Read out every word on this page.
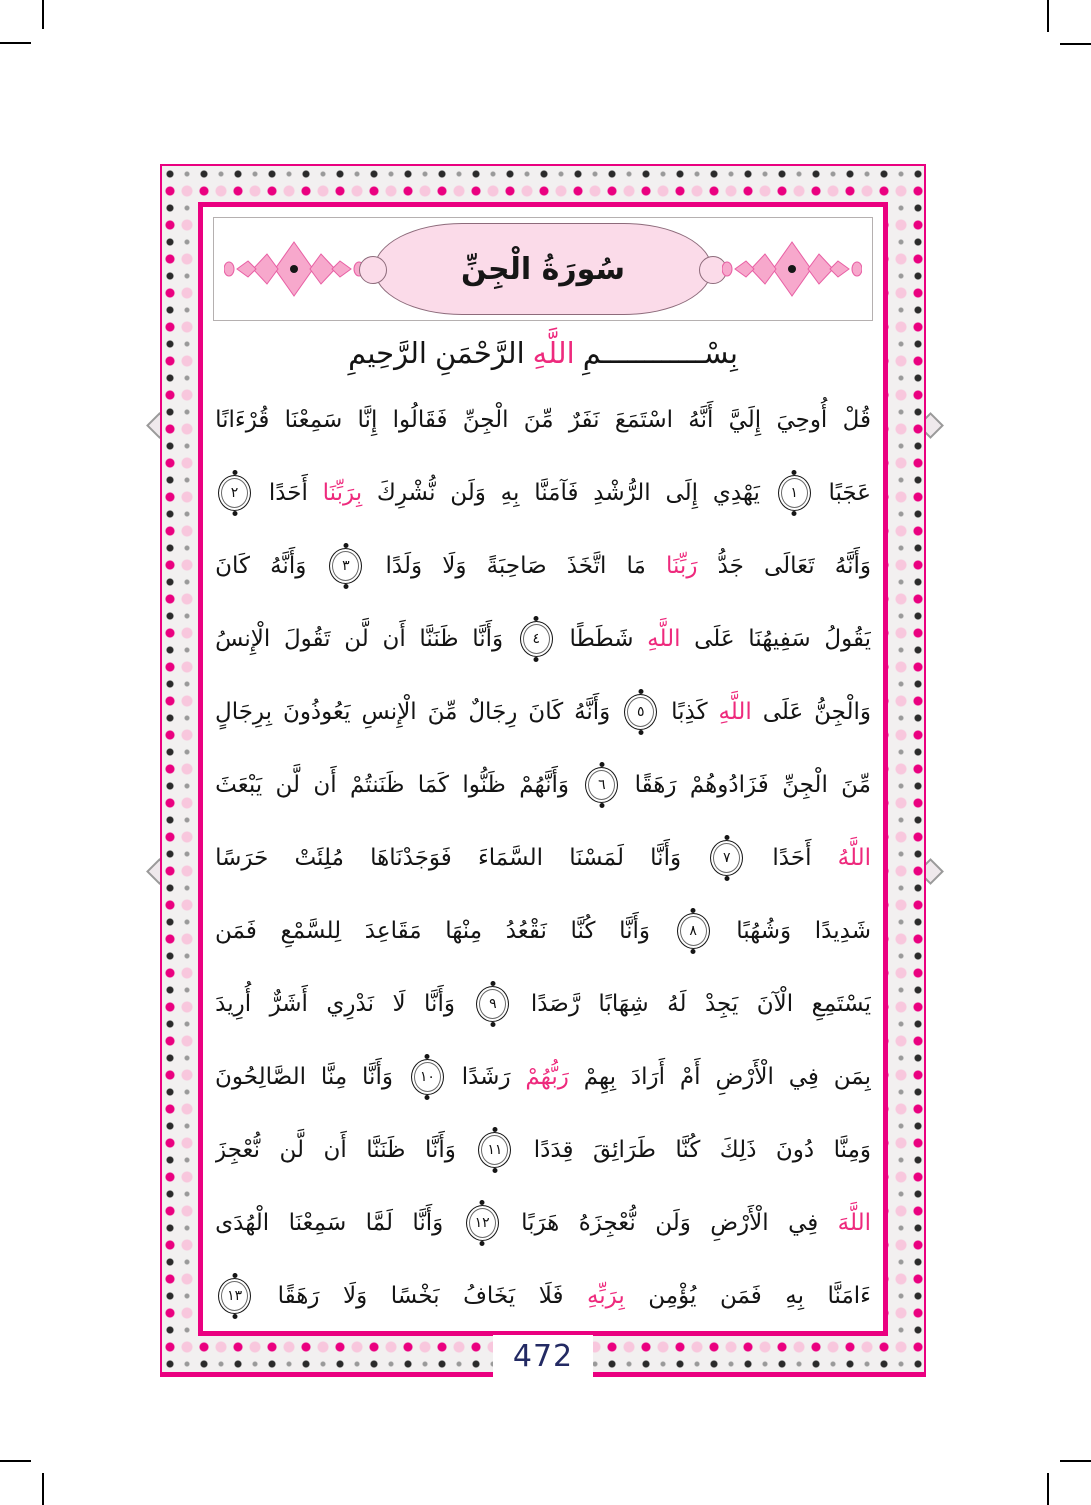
سُورَةُ الْجِنِّ
بِسْــــــــــــمِ
اللَّهِ
الرَّحْمَنِ
الرَّحِيمِ
قُلْ
أُوحِيَ
إِلَيَّ
أَنَّهُ
اسْتَمَعَ
نَفَرٌ
مِّنَ
الْجِنِّ
فَقَالُوا
إِنَّا
سَمِعْنَا
قُرْءَانًا
عَجَبًا
١
يَهْدِي
إِلَى
الرُّشْدِ
فَآمَنَّا
بِهِ
وَلَن
نُّشْرِكَ
بِرَبِّنَا
أَحَدًا
٢
وَأَنَّهُ
تَعَالَى
جَدُّ
رَبِّنَا
مَا
اتَّخَذَ
صَاحِبَةً
وَلَا
وَلَدًا
٣
وَأَنَّهُ
كَانَ
يَقُولُ
سَفِيهُنَا
عَلَى
اللَّهِ
شَطَطًا
٤
وَأَنَّا
ظَنَنَّا
أَن
لَّن
تَقُولَ
الْإِنسُ
وَالْجِنُّ
عَلَى
اللَّهِ
كَذِبًا
٥
وَأَنَّهُ
كَانَ
رِجَالٌ
مِّنَ
الْإِنسِ
يَعُوذُونَ
بِرِجَالٍ
مِّنَ
الْجِنِّ
فَزَادُوهُمْ
رَهَقًا
٦
وَأَنَّهُمْ
ظَنُّوا
كَمَا
ظَنَنتُمْ
أَن
لَّن
يَبْعَثَ
اللَّهُ
أَحَدًا
٧
وَأَنَّا
لَمَسْنَا
السَّمَاءَ
فَوَجَدْنَاهَا
مُلِئَتْ
حَرَسًا
شَدِيدًا
وَشُهُبًا
٨
وَأَنَّا
كُنَّا
نَقْعُدُ
مِنْهَا
مَقَاعِدَ
لِلسَّمْعِ
فَمَن
يَسْتَمِعِ
الْآنَ
يَجِدْ
لَهُ
شِهَابًا
رَّصَدًا
٩
وَأَنَّا
لَا
نَدْرِي
أَشَرٌّ
أُرِيدَ
بِمَن
فِي
الْأَرْضِ
أَمْ
أَرَادَ
بِهِمْ
رَبُّهُمْ
رَشَدًا
١٠
وَأَنَّا
مِنَّا
الصَّالِحُونَ
وَمِنَّا
دُونَ
ذَلِكَ
كُنَّا
طَرَائِقَ
قِدَدًا
١١
وَأَنَّا
ظَنَنَّا
أَن
لَّن
نُّعْجِزَ
اللَّهَ
فِي
الْأَرْضِ
وَلَن
نُّعْجِزَهُ
هَرَبًا
١٢
وَأَنَّا
لَمَّا
سَمِعْنَا
الْهُدَى
ءَامَنَّا
بِهِ
فَمَن
يُؤْمِن
بِرَبِّهِ
فَلَا
يَخَافُ
بَخْسًا
وَلَا
رَهَقًا
١٣
472
